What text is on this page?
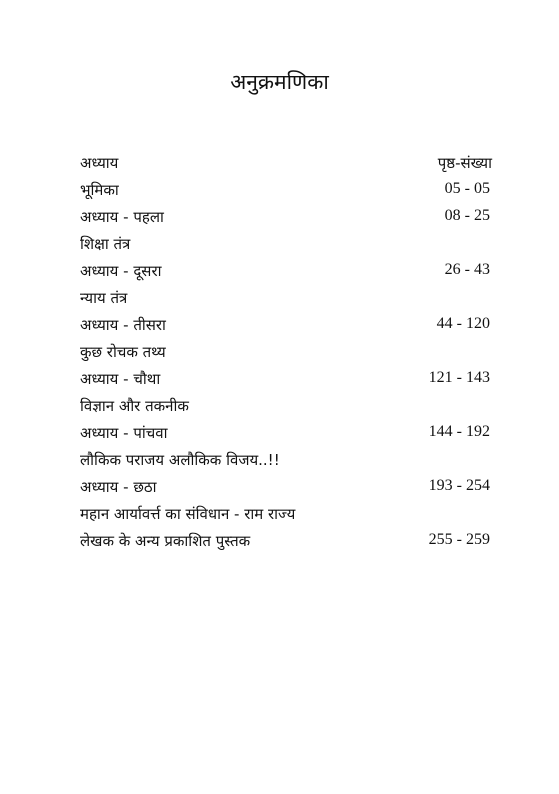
अनुक्रमणिका
अध्याय	पृष्ठ-संख्या
भूमिका	05 - 05
अध्याय - पहला	08 - 25
शिक्षा तंत्र
अध्याय - दूसरा	26 - 43
न्याय तंत्र
अध्याय - तीसरा	44 - 120
कुछ रोचक तथ्य
अध्याय - चौथा	121 - 143
विज्ञान और तकनीक
अध्याय - पांचवा	144 - 192
लौकिक पराजय अलौकिक विजय..!!
अध्याय - छठा	193 - 254
महान आर्यावर्त्त का संविधान - राम राज्य
लेखक के अन्य प्रकाशित पुस्तक	255 - 259
